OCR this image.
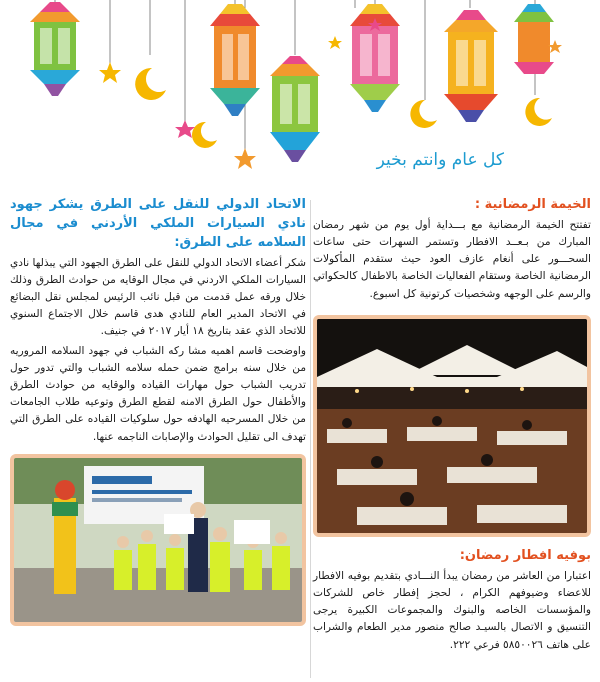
كل عام وانتم بخير
الخيمة الرمضانية :

تفتتح الخيمة الرمضانية مع بـــداية أول يوم من شهر رمضان المبارك من بـعــد الافطار وتستمر السهرات حتى ساعات السحـــور على أنغام عازف العود حيث ستقدم المأكولات الرمضانية الخاصة وستقام الفعاليات الخاصة بالاطفال كالحكواتي والرسم على الوجهه وشخصيات كرتونية كل اسبوع.

بوفيه افطار رمضان:

اعتبارا من العاشر من رمضان يبدأ النـــادي بتقديم بوفيه الافطار للاعضاء وضيوفهم الكرام ، لحجز إفطار خاص للشركات والمؤسسات الخاصه والبنوك والمجموعات الكبيرة يرجى التنسيق و الاتصال بالسيـد صالح منصور مدير الطعام والشراب على هاتف ٥٨٥٠٠٢٦ فرعي ٢٢٢.

الاتحاد الدولي للنقل على الطرق يشكر جهود نادي السيارات الملكي الأردني في مجال السلامه على الطرق:

شكر أعضاء الاتحاد الدولي للنقل على الطرق الجهود التي يبذلها نادي السيارات الملكي الاردني في مجال الوقايه من حوادث الطرق وذلك خلال ورقه عمل قدمت من قبل نائب الرئيس لمجلس نقل البضائع في الاتحاد المدير العام للنادي هدى قاسم خلال الاجتماع السنوي للاتحاد الذي عقد بتاريخ ١٨ أيار ٢٠١٧ في جنيف.

واوضحت قاسم اهميه مشا ركه الشباب في جهود السلامه المروريه من خلال سنه برامج ضمن حمله سلامه الشباب والتي تدور حول تدريب الشباب حول مهارات القياده والوقايه من حوادث الطرق والأطفال حول الطرق الامنه لقطع الطرق وتوعيه طلاب الجامعات من خلال المسرحيه الهادفه حول سلوكيات القياده على الطرق التي تهدف الى تقليل الحوادث والإصابات الناجمه عنها.
